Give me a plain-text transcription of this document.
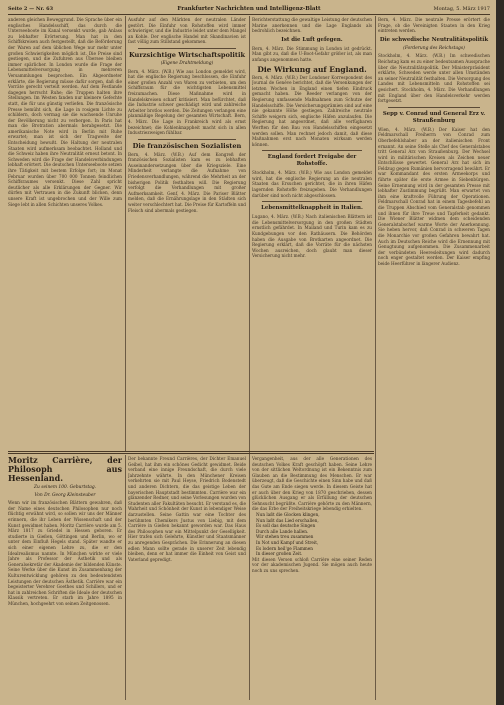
Seite 2 — Nr. 63	Frankfurter Nachrichten und Intelligenz-Blatt	Montag, 5. März 1917
anderen gleichen Beweggrund. Die Sprache über ein englisches Handelsschiff, das durch die Unterseeboote im Kanal versenkt wurde, gab Anlass zu lebhafter Erörterung. Man hat in den Schiffskreisen auch festgestellt, daß die Beförderung der Waren auf dem üblichen Wege nur mehr unter großen Schwierigkeiten möglich ist. Die Preise sind gestiegen, und die Zufuhren aus Übersee bleiben immer spärlicher. In London wurde die Frage der Lebensmittelversorgung in mehreren Versammlungen besprochen. Ein Abgeordneter erklärte, die Regierung müsse dafür sorgen, daß die Vorräte gerecht verteilt werden. Auf dem Festlande dagegen herrscht Ruhe; die Truppen halten ihre Stellungen. Im Westen fanden nur kleinere Gefechte statt, die für uns günstig verliefen. Die französische Presse bemüht sich, die Lage in rosigem Lichte zu schildern, doch vermag sie die wachsende Unruhe der Bevölkerung nicht zu verbergen. In Paris hat man die Brotration abermals herabgesetzt. Die amerikanische Note wird in Berlin mit Ruhe erwartet; man ist sich der Tragweite der Entscheidung bewußt. Die Haltung der neutralen Staaten wird aufmerksam beobachtet. Holland und die Schweiz haben ihre Neutralität erneut betont. In Schweden wird die Frage der Handelsverbindungen lebhaft erörtert. Die deutschen Unterseeboote setzen ihre Tätigkeit mit bestem Erfolge fort; im Monat Februar wurden über 700 000 Tonnen feindlichen Schiffsraumes versenkt. Diese Zahl spricht deutlicher als alle Erklärungen der Gegner. Wir dürfen mit Vertrauen in die Zukunft blicken, denn unsere Kraft ist ungebrochen und der Wille zum Siege lebt in allen Schichten unseres Volkes.
Ausfuhr auf den Märkten der neutralen Länder gestört. Die Einfuhr von Rohstoffen wird immer schwieriger, und die Industrie leidet unter dem Mangel an Kohle. Der englische Handel mit Skandinavien ist fast völlig zum Stillstand gekommen.
Kurzsichtige Wirtschaftspolitik
(Eigene Drahtmeldung)
Bern, 4. März. (W.B.) Wie aus London gemeldet wird, hat die englische Regierung beschlossen, die Einfuhr einer großen Anzahl von Waren zu verbieten, um den Schiffsraum für die wichtigsten Lebensmittel freizumachen. Diese Maßnahme wird in Handelskreisen scharf kritisiert. Man befürchtet, daß die Industrie schwer geschädigt wird und zahlreiche Arbeiter brotlos werden. Die Zeitungen verlangen eine planmäßige Regelung der gesamten Wirtschaft. Bern, 4. März. Die Lage in Frankreich wird als ernst bezeichnet; die Kohlenknappheit macht sich in allen Industriezweigen fühlbar.
Die französischen Sozialisten
Bern, 4. März. (W.B.) Auf dem Kongreß der französischen Sozialisten kam es zu lebhaften Auseinandersetzungen über die Kriegsziele. Eine Minderheit verlangte die Aufnahme von Friedensverhandlungen, während die Mehrheit an der bisherigen Politik festhalten will. Die Regierung verfolgt die Verhandlungen mit großer Aufmerksamkeit. Genf, 4. März. Die Pariser Blätter melden, daß die Ernährungslage in den Städten sich weiter verschlechtert hat. Die Preise für Kartoffeln und Fleisch sind abermals gestiegen.
Berichterstattung die gewaltige Leistung der deutschen Marine anerkennen und die Lage Englands als bedrohlich bezeichnen.
Ist die Luft gefegen.
Bern, 4. März. Die Stimmung in London ist gedrückt. Man gibt zu, daß die U-Boot-Gefahr größer ist, als man anfangs angenommen hatte.
Die Wirkung auf England.
Bern, 4. März. (W.B.) Der Londoner Korrespondent des Journal de Genève berichtet, daß die Versenkungen der letzten Wochen in England einen tiefen Eindruck gemacht haben. Die Reeder verlangen von der Regierung umfassende Maßnahmen zum Schutze der Handelsschiffe. Die Versicherungsprämien sind auf eine nie gekannte Höhe gestiegen. Zahlreiche neutrale Schiffe weigern sich, englische Häfen anzulaufen. Die Regierung hat angeordnet, daß alle verfügbaren Werften für den Bau von Handelsschiffen eingesetzt werden sollen. Man rechnet jedoch damit, daß diese Maßnahmen erst nach Monaten wirksam werden können.
England fordert Freigabe der Rohstoffe.
Stockholm, 4. März. (W.B.) Wie aus London gemeldet wird, hat die englische Regierung an die neutralen Staaten das Ersuchen gerichtet, die in ihren Häfen lagernden Rohstoffe freizugeben. Die Verhandlungen darüber sind noch nicht abgeschlossen.
Lebensmittelknappheit in Italien.
Lugano, 4. März. (W.B.) Nach italienischen Blättern ist die Lebensmittelversorgung in den großen Städten ernstlich gefährdet. In Mailand und Turin kam es zu Kundgebungen vor den Rathäusern. Die Behörden haben die Ausgabe von Brotkarten angeordnet. Die Regierung erklärt, daß die Vorräte für die nächsten Wochen ausreichen, doch glaubt man dieser Versicherung nicht mehr.
Bern, 4. März. Die neutrale Presse erörtert die Frage, ob die Vereinigten Staaten in den Krieg eintreten werden.
Die schwedische Neutralitätspolitik
(Forderung des Reichstags)
Stockholm, 4. März. (W.B.) Im schwedischen Reichstag kam es zu einer bedeutsamen Aussprache über die Neutralitätspolitik. Der Ministerpräsident erklärte, Schweden werde unter allen Umständen an seiner Neutralität festhalten. Die Versorgung des Landes mit Lebensmitteln und Rohstoffen sei gesichert. Stockholm, 4. März. Die Verhandlungen mit England über den Handelsverkehr werden fortgesetzt.
Sepp v. Conrad und General Erz v. Straußenburg
Wien, 4. März. (W.B.) Der Kaiser hat den Feldmarschall Freiherrn von Conrad zum Oberbefehlshaber an der italienischen Front ernannt. An seine Stelle als Chef des Generalstabes tritt General Arz von Straußenburg. Der Wechsel wird in militärischen Kreisen als Zeichen neuer Entschlüsse gewertet. General Arz hat sich im Feldzug gegen Rumänien hervorragend bewährt. Er war Kommandant des ersten Armeekorps und führte später die erste Armee in Siebenbürgen. Seine Ernennung wird in der gesamten Presse mit lebhafter Zustimmung begrüßt. Man erwartet von ihm eine kraftvolle Führung der Operationen. Feldmarschall Conrad hat in einem Tagesbefehl an die Truppen Abschied vom Generalstab genommen und ihnen für ihre Treue und Tapferkeit gedankt. Die Wiener Blätter widmen dem scheidenden Generalstabschef warme Worte der Anerkennung. Sie heben hervor, daß Conrad in schweren Tagen die Monarchie vor großen Gefahren bewahrt hat. Auch im Deutschen Reiche wird die Ernennung mit Genugtuung aufgenommen. Die Zusammenarbeit der verbündeten Heeresleitungen wird dadurch noch enger gestaltet werden. Der Kaiser empfing beide Heerführer in längerer Audienz.
Moritz Carrière, der Philosoph aus Hessenland.
Zu seinem 100. Geburtstag.
Von Dr. Georg Kleinsteuber
Wenn wir im französischen Blättern gewahren, daß der Name eines deutschen Philosophen nur noch flüchtig erwähnt wird, so sollen wir uns der Männer erinnern, die ihr Leben der Wissenschaft und der Kunst gewidmet haben. Moritz Carrière wurde am 5. März 1817 zu Griedel in Hessen geboren. Er studierte in Gießen, Göttingen und Berlin, wo er unter dem Einfluß Hegels stand. Später wandte er sich einer eigenen Lehre zu, die er den Idealrealismus nannte. In München wirkte er viele Jahre als Professor der Ästhetik und als Generalsekretär der Akademie der bildenden Künste. Seine Werke über die Kunst im Zusammenhang der Kulturentwicklung gehören zu den bedeutendsten Leistungen der deutschen Ästhetik. Carrière war ein begeisterter Verehrer Goethes und Schillers, und er hat in zahlreichen Schriften die Ideale der deutschen Klassik vertreten. Er starb im Jahre 1895 in München, hochgeehrt von seinen Zeitgenossen.
Der bekannte Freund Carrières, der Dichter Emanuel Geibel, hat ihm ein schönes Gedicht gewidmet. Beide verband eine innige Freundschaft, die durch viele Jahrzehnte währte. In den Münchener Kreisen verkehrten sie mit Paul Heyse, Friedrich Bodenstedt und anderen Dichtern, die das geistige Leben der bayerischen Hauptstadt bestimmten. Carrière war ein glänzender Redner, und seine Vorlesungen wurden von Studenten aller Fakultäten besucht. Er verstand es, die Wahrheit und Schönheit der Kunst in lebendiger Weise darzustellen. Seine Gattin war eine Tochter des berühmten Chemikers Justus von Liebig, mit dem Carrière in Gießen bekannt geworden war. Das Haus des Philosophen war ein Mittelpunkt der Geselligkeit. Hier trafen sich Gelehrte, Künstler und Staatsmänner zu anregenden Gesprächen. Die Erinnerung an diesen edlen Mann sollte gerade in unserer Zeit lebendig bleiben, denn er hat immer die Einheit von Geist und Vaterland gepredigt.
Vergangenheit, aus der alle Generationen des deutschen Volkes Kraft geschöpft haben. Seine Lehre von der sittlichen Weltordnung ist ein Bekenntnis zum Glauben an die Bestimmung des Menschen. Er war überzeugt, daß die Geschichte einen Sinn habe und daß das Gute am Ende siegen werde. In diesem Geiste hat er auch über den Krieg von 1870 geschrieben, dessen glücklichen Ausgang er als Erfüllung der deutschen Sehnsucht begrüßte. Carrière gehörte zu den Männern, die das Erbe der Freiheitskriege lebendig erhielten.
Nun laßt die Glocken klingen,
Nun laßt das Lied erschallen,
Es soll das deutsche Singen
Durch alle Lande hallen.
Wir stehen treu zusammen
In Not und Kampf und Streit,
Es lodern heil'ge Flammen
In dieser großen Zeit.
Mit diesen Versen schloß Carrière eine seiner Reden vor der akademischen Jugend. Sie mögen auch heute noch zu uns sprechen.
